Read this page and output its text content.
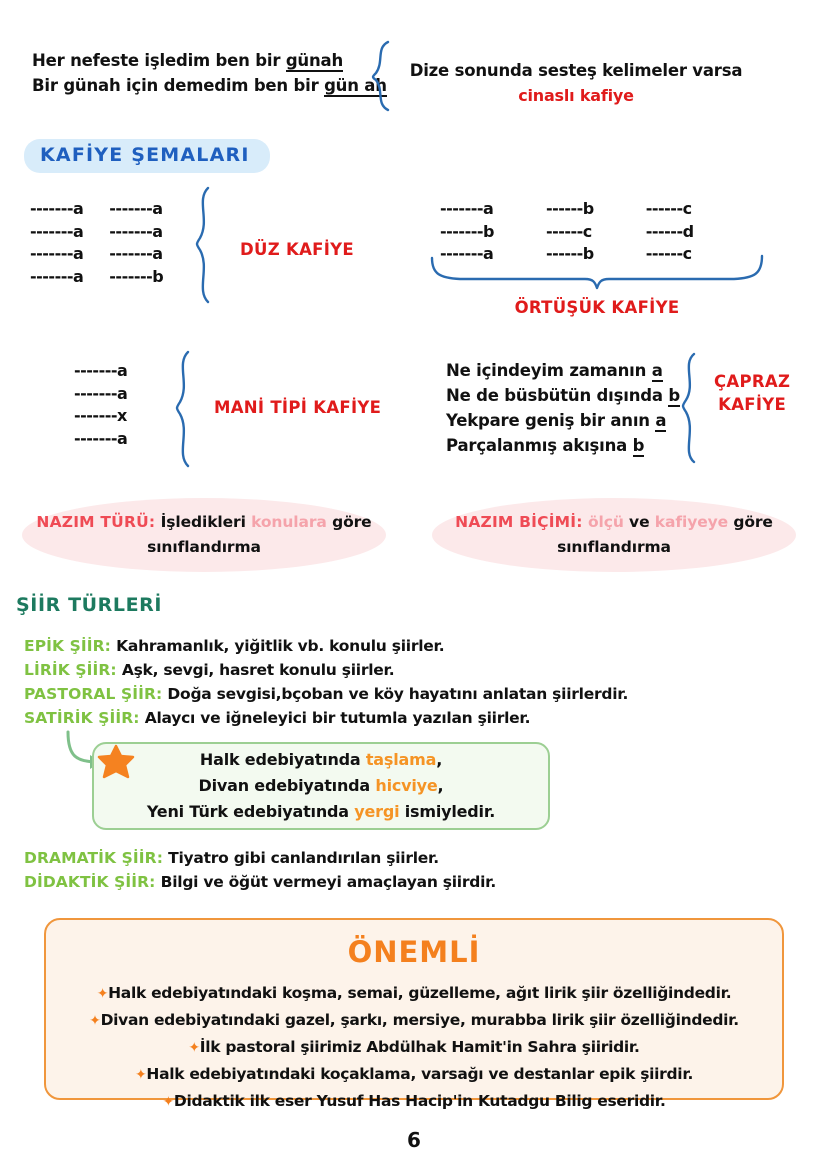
Her nefeste işledim ben bir günah
Bir günah için demedim ben bir gün ah
Dize sonunda sesteş kelimeler varsa
cinaslı kafiye
KAFİYE ŞEMALARI
-------a
-------a
-------a
-------a
-------a
-------a
-------a
-------b
DÜZ KAFİYE
-------a
-------b
-------a
------b
------c
------b
------c
------d
------c
ÖRTÜŞÜK KAFİYE
-------a
-------a
-------x
-------a
MANİ TİPİ KAFİYE
Ne içindeyim zamanın a
Ne de büsbütün dışında b
Yekpare geniş bir anın a
Parçalanmış akışına b
ÇAPRAZ
KAFİYE
NAZIM TÜRÜ: İşledikleri konulara göre
sınıflandırma
NAZIM BİÇİMİ: ölçü ve kafiyeye göre
sınıflandırma
ŞİİR TÜRLERİ
EPİK ŞİİR: Kahramanlık, yiğitlik vb. konulu şiirler.
LİRİK ŞİİR: Aşk, sevgi, hasret konulu şiirler.
PASTORAL ŞİİR: Doğa sevgisi,bçoban ve köy hayatını anlatan şiirlerdir.
SATİRİK ŞİİR: Alaycı ve iğneleyici bir tutumla yazılan şiirler.
Halk edebiyatında taşlama,
Divan edebiyatında hicviye,
Yeni Türk edebiyatında yergi ismiyledir.
DRAMATİK ŞİİR: Tiyatro gibi canlandırılan şiirler.
DİDAKTİK ŞİİR: Bilgi ve öğüt vermeyi amaçlayan şiirdir.
ÖNEMLİ
✦Halk edebiyatındaki koşma, semai, güzelleme, ağıt lirik şiir özelliğindedir.
✦Divan edebiyatındaki gazel, şarkı, mersiye, murabba lirik şiir özelliğindedir.
✦İlk pastoral şiirimiz Abdülhak Hamit'in Sahra şiiridir.
✦Halk edebiyatındaki koçaklama, varsağı ve destanlar epik şiirdir.
✦Didaktik ilk eser Yusuf Has Hacip'in Kutadgu Bilig eseridir.
6
